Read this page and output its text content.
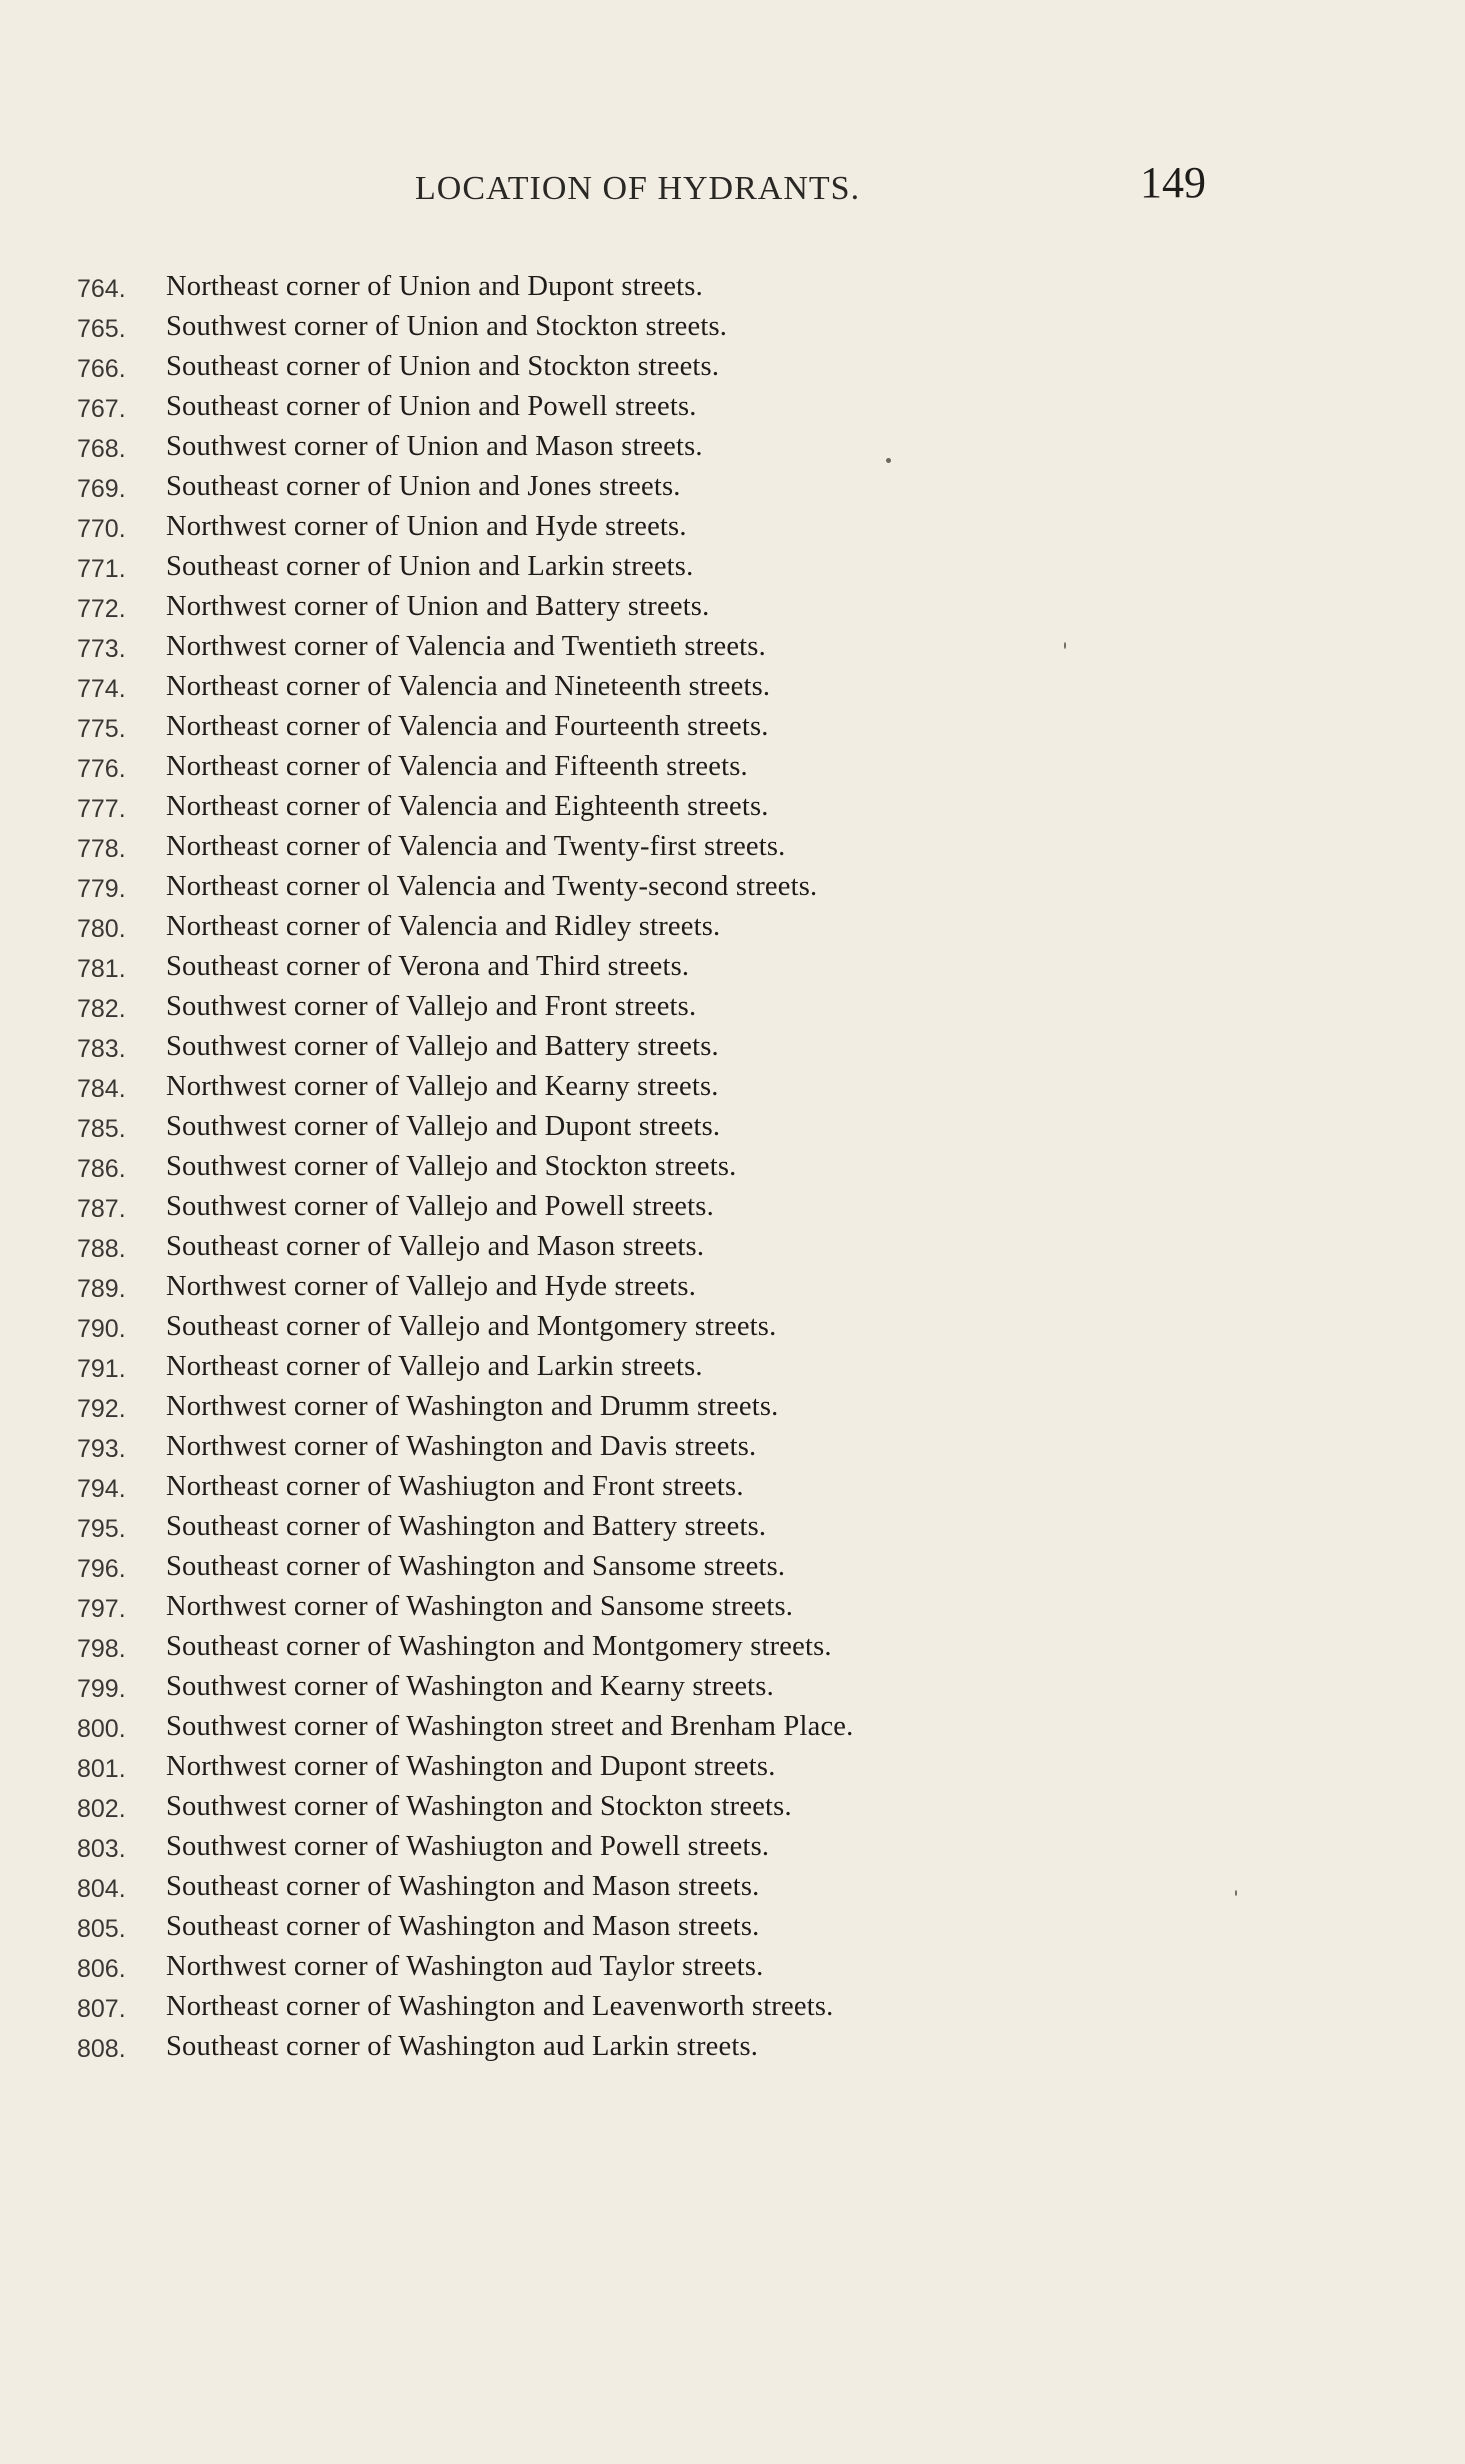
LOCATION OF HYDRANTS.	149
764.	Northeast corner of Union and Dupont streets.
765.	Southwest corner of Union and Stockton streets.
766.	Southeast corner of Union and Stockton streets.
767.	Southeast corner of Union and Powell streets.
768.	Southwest corner of Union and Mason streets.
769.	Southeast corner of Union and Jones streets.
770.	Northwest corner of Union and Hyde streets.
771.	Southeast corner of Union and Larkin streets.
772.	Northwest corner of Union and Battery streets.
773.	Northwest corner of Valencia and Twentieth streets.
774.	Northeast corner of Valencia and Nineteenth streets.
775.	Northeast corner of Valencia and Fourteenth streets.
776.	Northeast corner of Valencia and Fifteenth streets.
777.	Northeast corner of Valencia and Eighteenth streets.
778.	Northeast corner of Valencia and Twenty-first streets.
779.	Northeast corner ol Valencia and Twenty-second streets.
780.	Northeast corner of Valencia and Ridley streets.
781.	Southeast corner of Verona and Third streets.
782.	Southwest corner of Vallejo and Front streets.
783.	Southwest corner of Vallejo and Battery streets.
784.	Northwest corner of Vallejo and Kearny streets.
785.	Southwest corner of Vallejo and Dupont streets.
786.	Southwest corner of Vallejo and Stockton streets.
787.	Southwest corner of Vallejo and Powell streets.
788.	Southeast corner of Vallejo and Mason streets.
789.	Northwest corner of Vallejo and Hyde streets.
790.	Southeast corner of Vallejo and Montgomery streets.
791.	Northeast corner of Vallejo and Larkin streets.
792.	Northwest corner of Washington and Drumm streets.
793.	Northwest corner of Washington and Davis streets.
794.	Northeast corner of Washiugton and Front streets.
795.	Southeast corner of Washington and Battery streets.
796.	Southeast corner of Washington and Sansome streets.
797.	Northwest corner of Washington and Sansome streets.
798.	Southeast corner of Washington and Montgomery streets.
799.	Southwest corner of Washington and Kearny streets.
800.	Southwest corner of Washington street and Brenham Place.
801.	Northwest corner of Washington and Dupont streets.
802.	Southwest corner of Washington and Stockton streets.
803.	Southwest corner of Washiugton and Powell streets.
804.	Southeast corner of Washington and Mason streets.
805.	Southeast corner of Washington and Mason streets.
806.	Northwest corner of Washington aud Taylor streets.
807.	Northeast corner of Washington and Leavenworth streets.
808.	Southeast corner of Washington aud Larkin streets.
